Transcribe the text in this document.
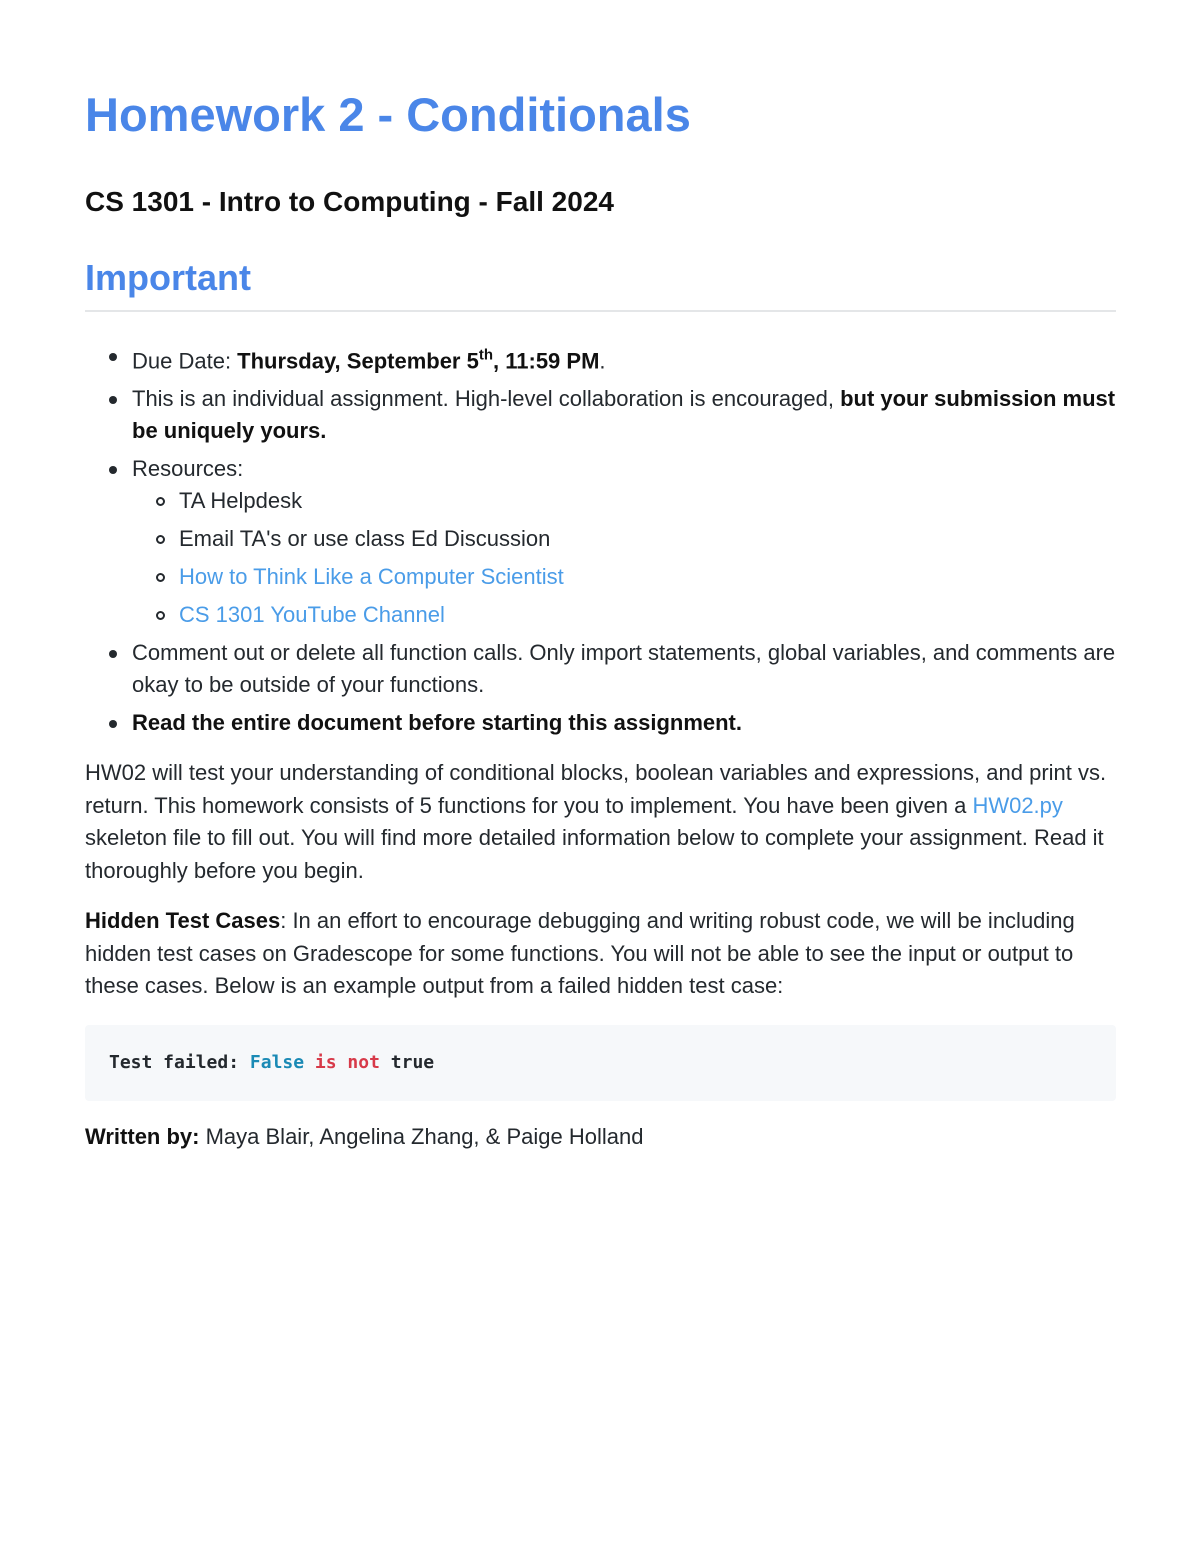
Homework 2 - Conditionals
CS 1301 - Intro to Computing - Fall 2024
Important
Due Date: Thursday, September 5th, 11:59 PM.
This is an individual assignment. High-level collaboration is encouraged, but your submission must be uniquely yours.
Resources:
TA Helpdesk
Email TA's or use class Ed Discussion
How to Think Like a Computer Scientist
CS 1301 YouTube Channel
Comment out or delete all function calls. Only import statements, global variables, and comments are okay to be outside of your functions.
Read the entire document before starting this assignment.

HW02 will test your understanding of conditional blocks, boolean variables and expressions, and print vs. return. This homework consists of 5 functions for you to implement. You have been given a HW02.py skeleton file to fill out. You will find more detailed information below to complete your assignment. Read it thoroughly before you begin.

Hidden Test Cases: In an effort to encourage debugging and writing robust code, we will be including hidden test cases on Gradescope for some functions. You will not be able to see the input or output to these cases. Below is an example output from a failed hidden test case:

Test failed: False is not true

Written by: Maya Blair, Angelina Zhang, & Paige Holland
